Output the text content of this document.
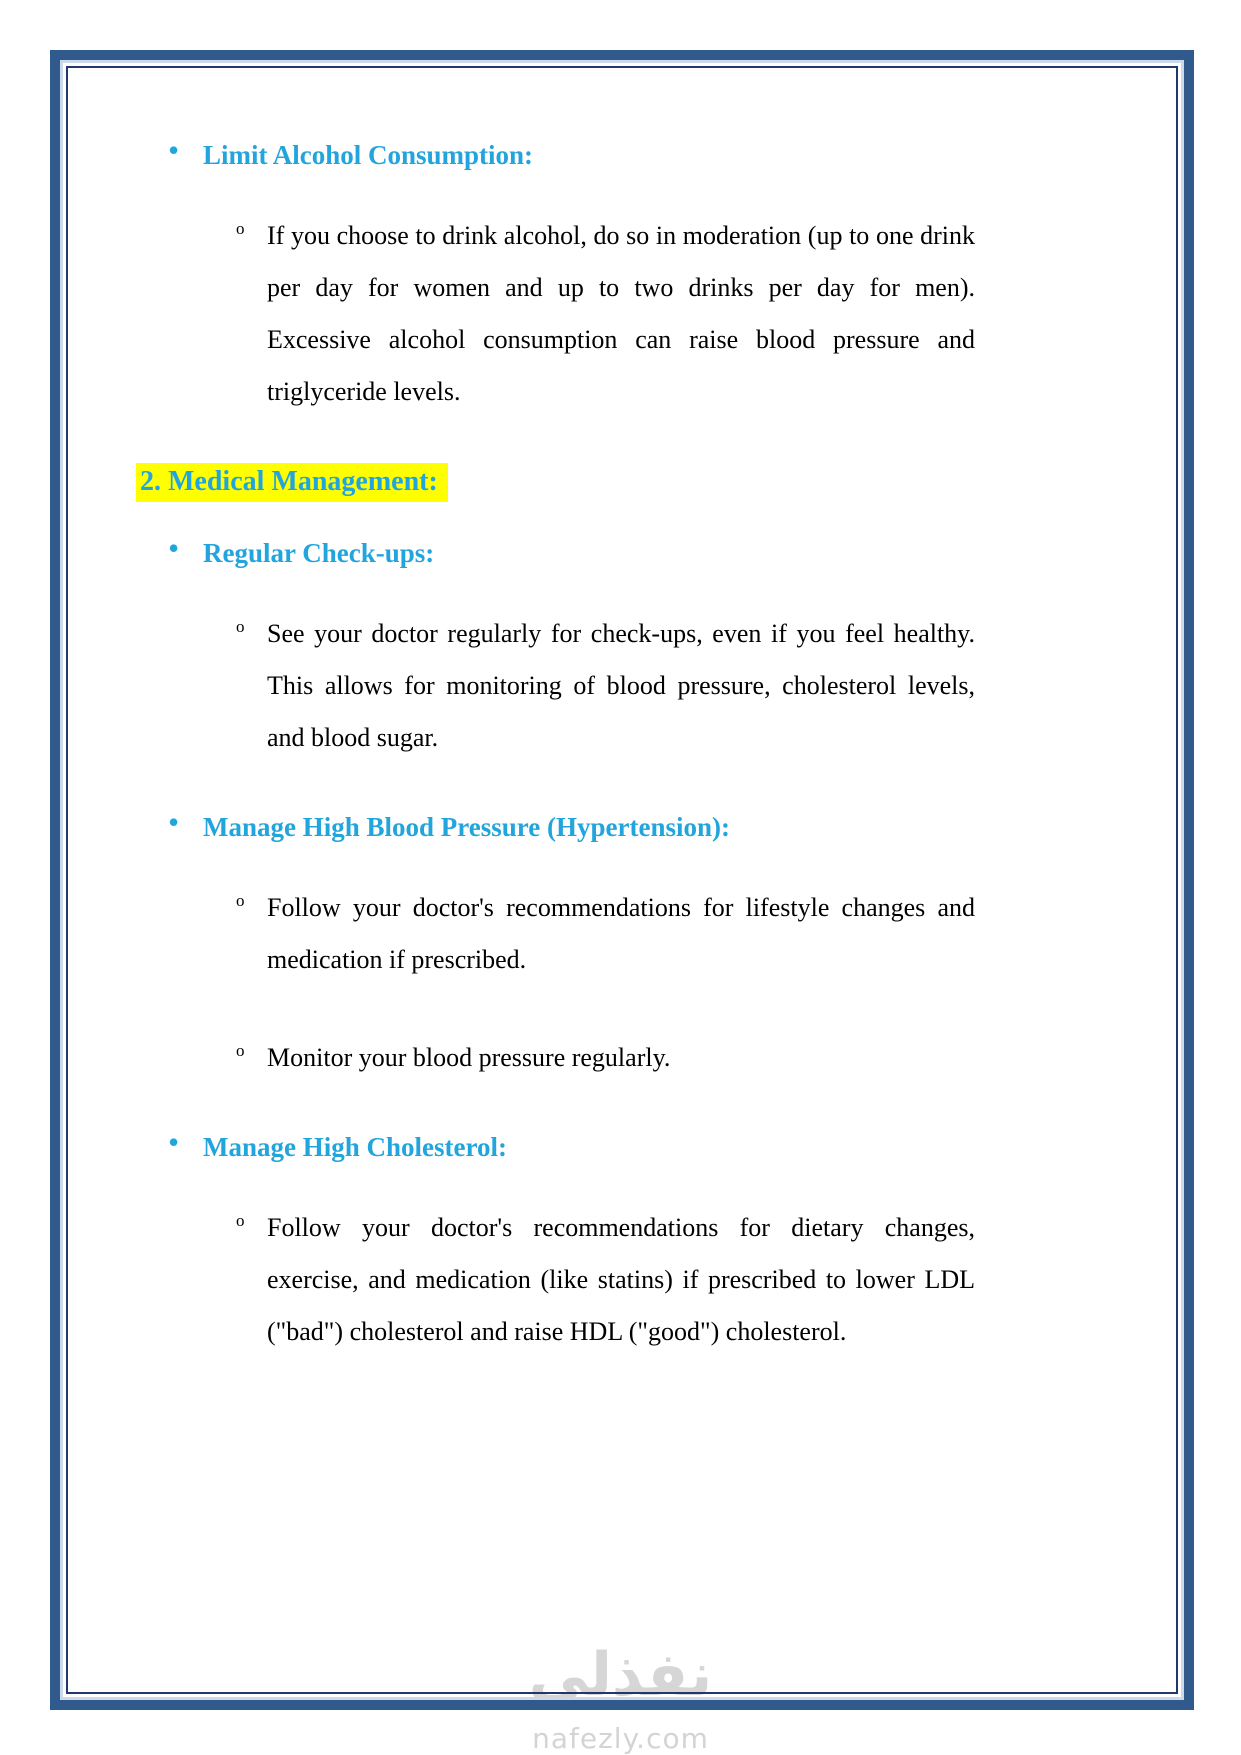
نفذلي
nafezly.com
• Limit Alcohol Consumption:
o If you choose to drink alcohol, do so in moderation (up to one drink per day for women and up to two drinks per day for men). Excessive alcohol consumption can raise blood pressure and triglyceride levels.

2. Medical Management:
• Regular Check-ups:
o See your doctor regularly for check-ups, even if you feel healthy. This allows for monitoring of blood pressure, cholesterol levels, and blood sugar.

• Manage High Blood Pressure (Hypertension):
o Follow your doctor's recommendations for lifestyle changes and medication if prescribed.

o Monitor your blood pressure regularly.

• Manage High Cholesterol:
o Follow your doctor's recommendations for dietary changes, exercise, and medication (like statins) if prescribed to lower LDL ("bad") cholesterol and raise HDL ("good") cholesterol.
